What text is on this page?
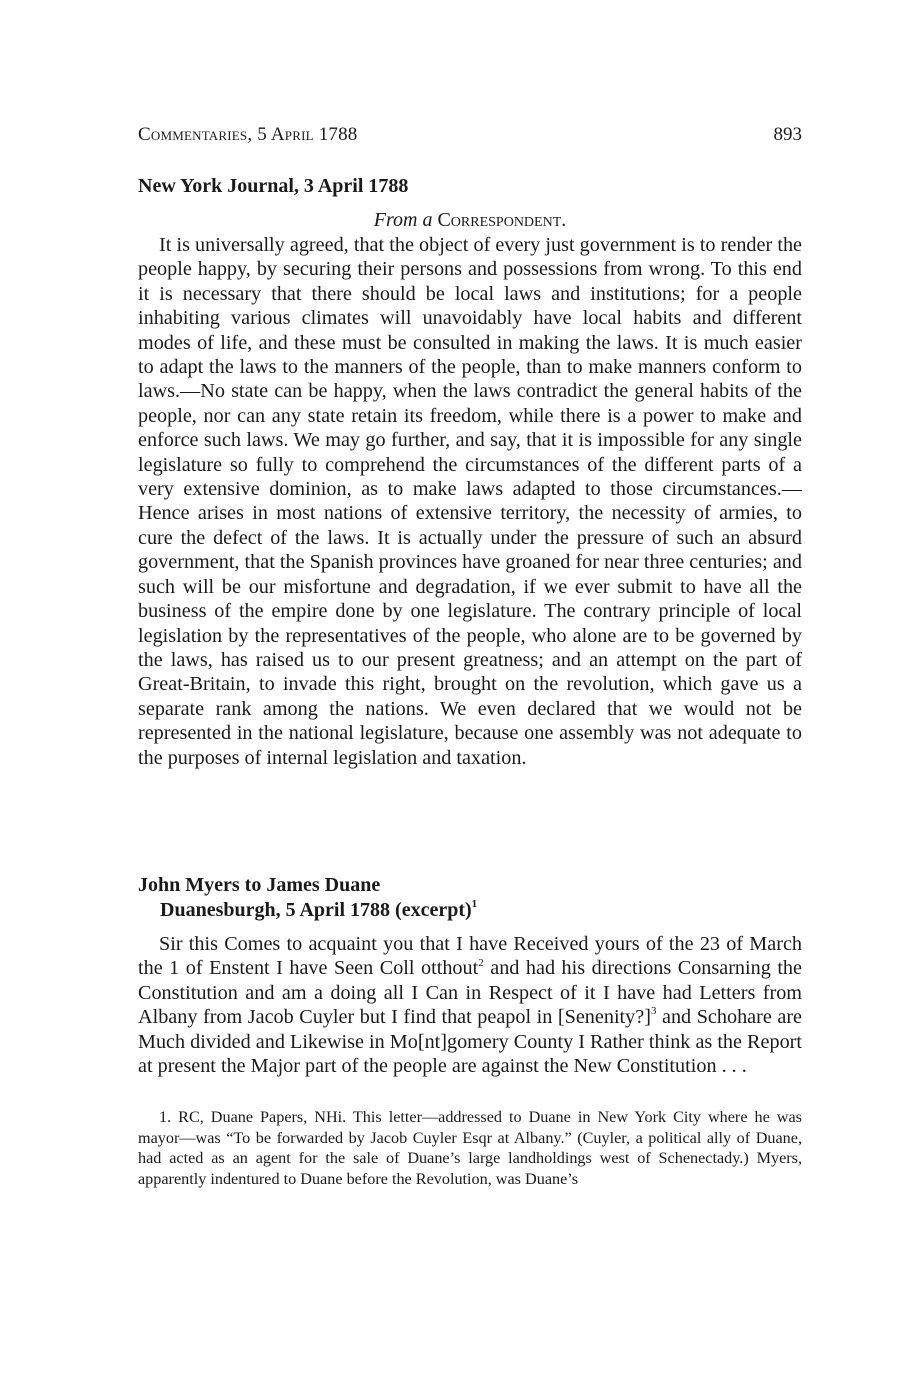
Commentaries, 5 April 1788	893
New York Journal, 3 April 1788
From a Correspondent.

It is universally agreed, that the object of every just government is to render the people happy, by securing their persons and possessions from wrong. To this end it is necessary that there should be local laws and institutions; for a people inhabiting various climates will unavoidably have local habits and different modes of life, and these must be consulted in making the laws. It is much easier to adapt the laws to the manners of the people, than to make manners conform to laws.—No state can be happy, when the laws contradict the general habits of the people, nor can any state retain its freedom, while there is a power to make and enforce such laws. We may go further, and say, that it is impossible for any single legislature so fully to comprehend the circumstances of the different parts of a very extensive dominion, as to make laws adapted to those circumstances.—Hence arises in most nations of extensive territory, the necessity of armies, to cure the defect of the laws. It is actually under the pressure of such an absurd government, that the Spanish provinces have groaned for near three centuries; and such will be our misfortune and degradation, if we ever submit to have all the business of the empire done by one legislature. The contrary principle of local legislation by the representatives of the people, who alone are to be governed by the laws, has raised us to our present greatness; and an attempt on the part of Great-Britain, to invade this right, brought on the revolution, which gave us a separate rank among the nations. We even declared that we would not be represented in the national legislature, because one assembly was not adequate to the purposes of internal legislation and taxation.

John Myers to James Duane
Duanesburgh, 5 April 1788 (excerpt)$^1$

Sir this Comes to acquaint you that I have Received yours of the 23 of March the 1 of Enstent I have Seen Coll otthout$^2$ and had his directions Consarning the Constitution and am a doing all I Can in Respect of it I have had Letters from Albany from Jacob Cuyler but I find that peapol in [Senenity?]$^3$ and Schohare are Much divided and Likewise in Mo[nt]gomery County I Rather think as the Report at present the Major part of the people are against the New Constitution . . .

1. RC, Duane Papers, NHi. This letter—addressed to Duane in New York City where he was mayor—was “To be forwarded by Jacob Cuyler Esqr at Albany.” (Cuyler, a political ally of Duane, had acted as an agent for the sale of Duane’s large landholdings west of Schenectady.) Myers, apparently indentured to Duane before the Revolution, was Duane’s
